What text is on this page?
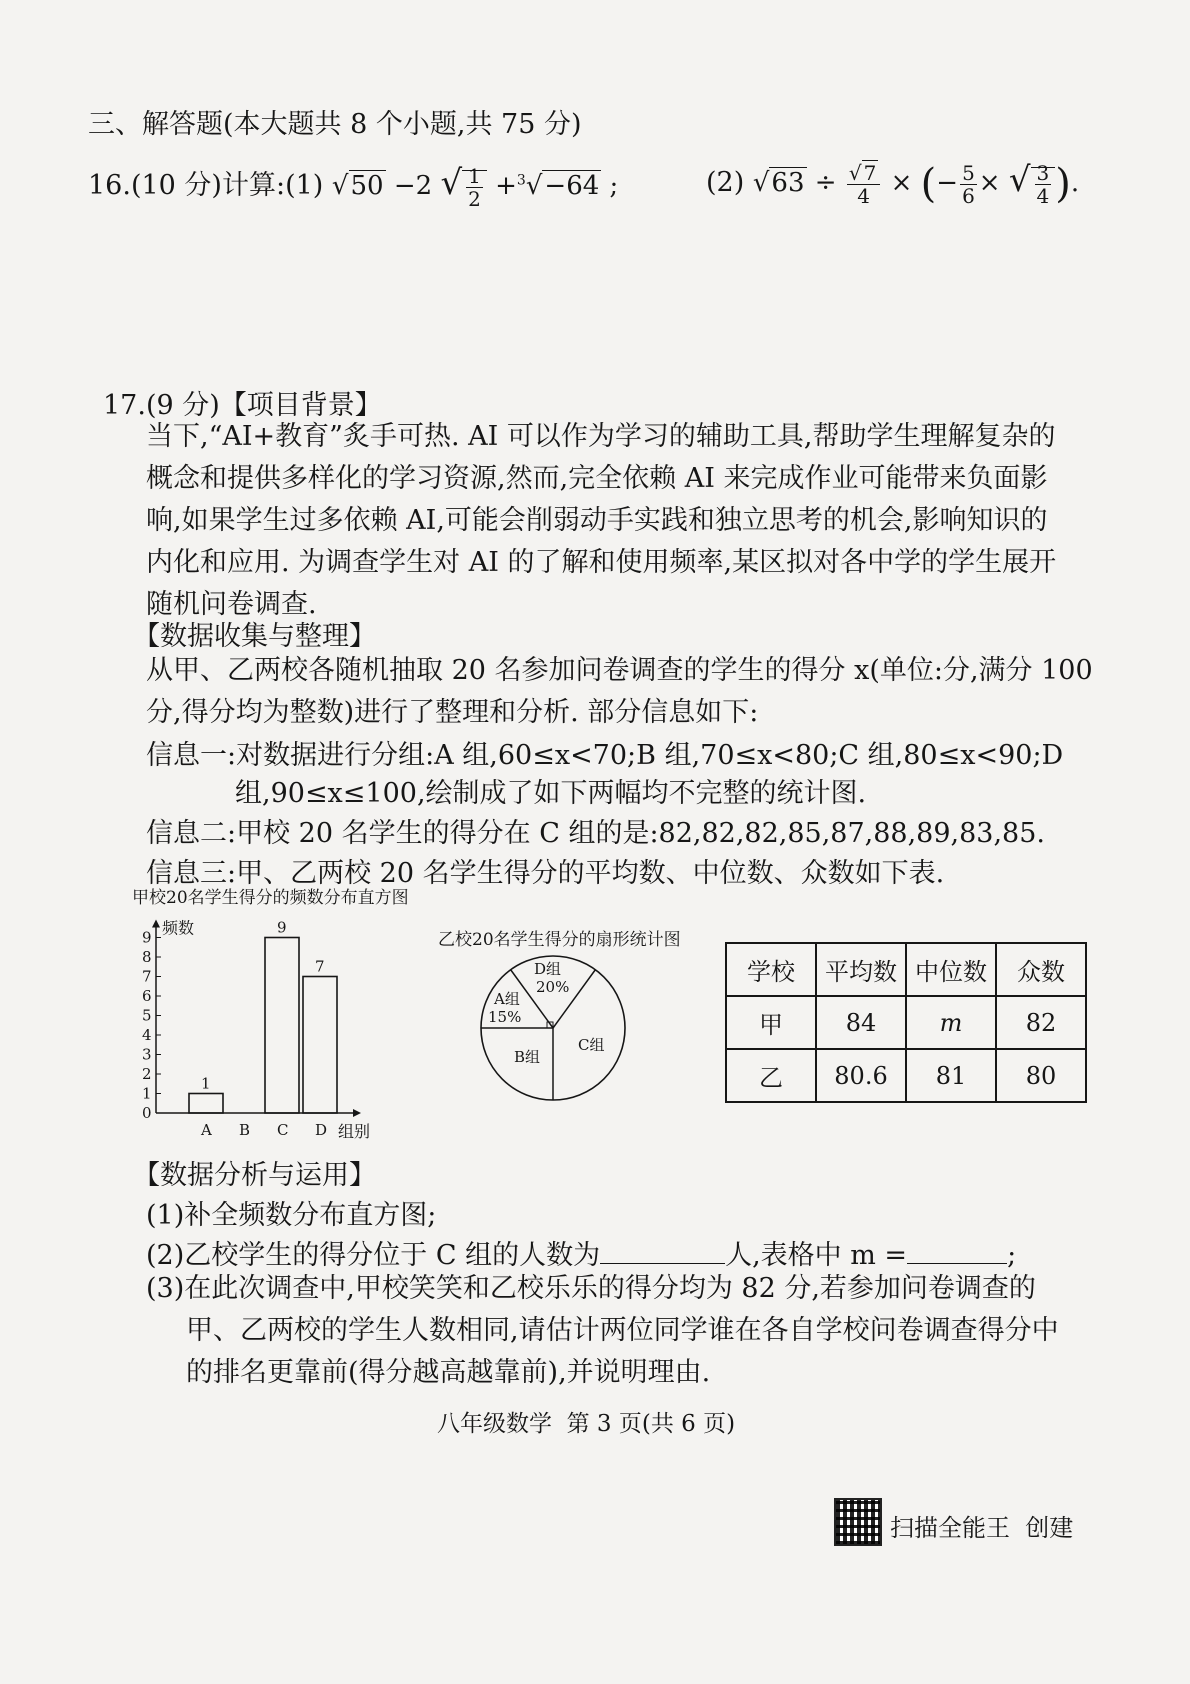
三、解答题(本大题共 8 个小题,共 75 分)
16.(10 分)计算:(1) √50 −2 √ $\frac{1}{2} +^3√-64$ ;	(2) $√63 \div \frac{√ 7}{4}$ × (− $\frac{5}{6}$ × √ $\frac{3}{4}$ ).
17.(9 分)【项目背景】
当下,“AI+教育”炙手可热. AI 可以作为学习的辅助工具,帮助学生理解复杂的
概念和提供多样化的学习资源,然而,完全依赖 AI 来完成作业可能带来负面影
响,如果学生过多依赖 AI,可能会削弱动手实践和独立思考的机会,影响知识的
内化和应用. 为调查学生对 AI 的了解和使用频率,某区拟对各中学的学生展开
随机问卷调查.
【数据收集与整理】
从甲、乙两校各随机抽取 20 名参加问卷调查的学生的得分 x(单位:分,满分 100
分,得分均为整数)进行了整理和分析. 部分信息如下:
信息一:对数据进行分组:A 组,60≤x<70;B 组,70≤x<80;C 组,80≤x<90;D
组,90≤x≤100,绘制成了如下两幅均不完整的统计图.
信息二:甲校 20 名学生的得分在 C 组的是:82,82,82,85,87,88,89,83,85.
信息三:甲、乙两校 20 名学生得分的平均数、中位数、众数如下表.
甲校20名学生得分的频数分布直方图
频数
组别
0
1
2
3
4
5
6
7
8
9
A
1
B C
9
D
7
乙校20名学生得分的扇形统计图
D组
20%
A组
15%
C组
B组
学校	平均数	中位数	众数
甲	84	m	82
乙	80.6	81	80
【数据分析与运用】
(1)补全频数分布直方图;
(2)乙校学生的得分位于 C 组的人数为	人,表格中 m =	;
(3)在此次调查中,甲校笑笑和乙校乐乐的得分均为 82 分,若参加问卷调查的
甲、乙两校的学生人数相同,请估计两位同学谁在各自学校问卷调查得分中
的排名更靠前(得分越高越靠前),并说明理由.
八年级数学  第 3 页(共 6 页)
扫描全能王  创建
